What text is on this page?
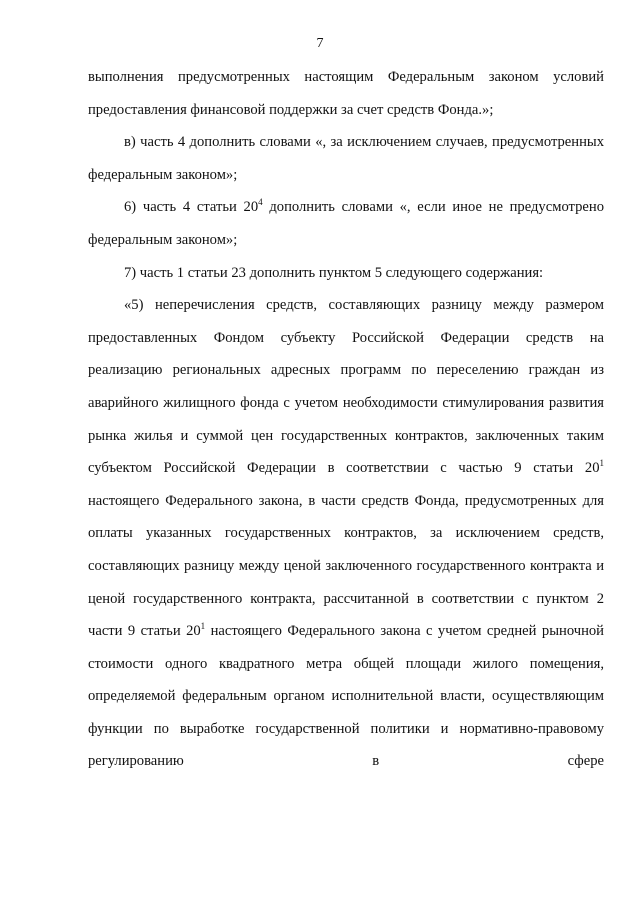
7

выполнения предусмотренных настоящим Федеральным законом условий предоставления финансовой поддержки за счет средств Фонда.»;

в) часть 4 дополнить словами «, за исключением случаев, предусмотренных федеральным законом»;

6) часть 4 статьи $20^4$ дополнить словами «, если иное не предусмотрено федеральным законом»;

7) часть 1 статьи 23 дополнить пунктом 5 следующего содержания:

«5) неперечисления средств, составляющих разницу между размером предоставленных Фондом субъекту Российской Федерации средств на реализацию региональных адресных программ по переселению граждан из аварийного жилищного фонда с учетом необходимости стимулирования развития рынка жилья и суммой цен государственных контрактов, заключенных таким субъектом Российской Федерации в соответствии с частью 9 статьи $20^1$ настоящего Федерального закона, в части средств Фонда, предусмотренных для оплаты указанных государственных контрактов, за исключением средств, составляющих разницу между ценой заключенного государственного контракта и ценой государственного контракта, рассчитанной в соответствии с пунктом 2 части 9 статьи $20^1$ настоящего Федерального закона с учетом средней рыночной стоимости одного квадратного метра общей площади жилого помещения, определяемой федеральным органом исполнительной власти, осуществляющим функции по выработке государственной политики и нормативно-правовому регулированию в сфере
